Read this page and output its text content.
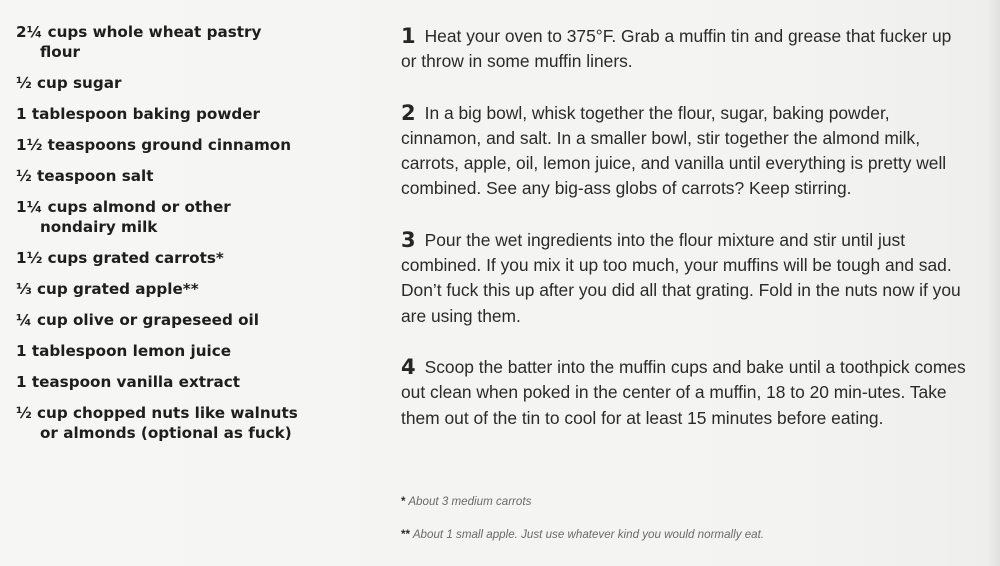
2¼ cups whole wheat pastry flour
½ cup sugar
1 tablespoon baking powder
1½ teaspoons ground cinnamon
½ teaspoon salt
1¼ cups almond or other nondairy milk
1½ cups grated carrots*
⅓ cup grated apple**
¼ cup olive or grapeseed oil
1 tablespoon lemon juice
1 teaspoon vanilla extract
½ cup chopped nuts like walnuts or almonds (optional as fuck)

1 Heat your oven to 375°F. Grab a muffin tin and grease that fucker up or throw in some muffin liners.

2 In a big bowl, whisk together the flour, sugar, baking powder, cinnamon, and salt. In a smaller bowl, stir together the almond milk, carrots, apple, oil, lemon juice, and vanilla until everything is pretty well combined. See any big-ass globs of carrots? Keep stirring.

3 Pour the wet ingredients into the flour mixture and stir until just combined. If you mix it up too much, your muffins will be tough and sad. Don’t fuck this up after you did all that grating. Fold in the nuts now if you are using them.

4 Scoop the batter into the muffin cups and bake until a toothpick comes out clean when poked in the center of a muffin, 18 to 20 min-utes. Take them out of the tin to cool for at least 15 minutes before eating.

* About 3 medium carrots

** About 1 small apple. Just use whatever kind you would normally eat.
